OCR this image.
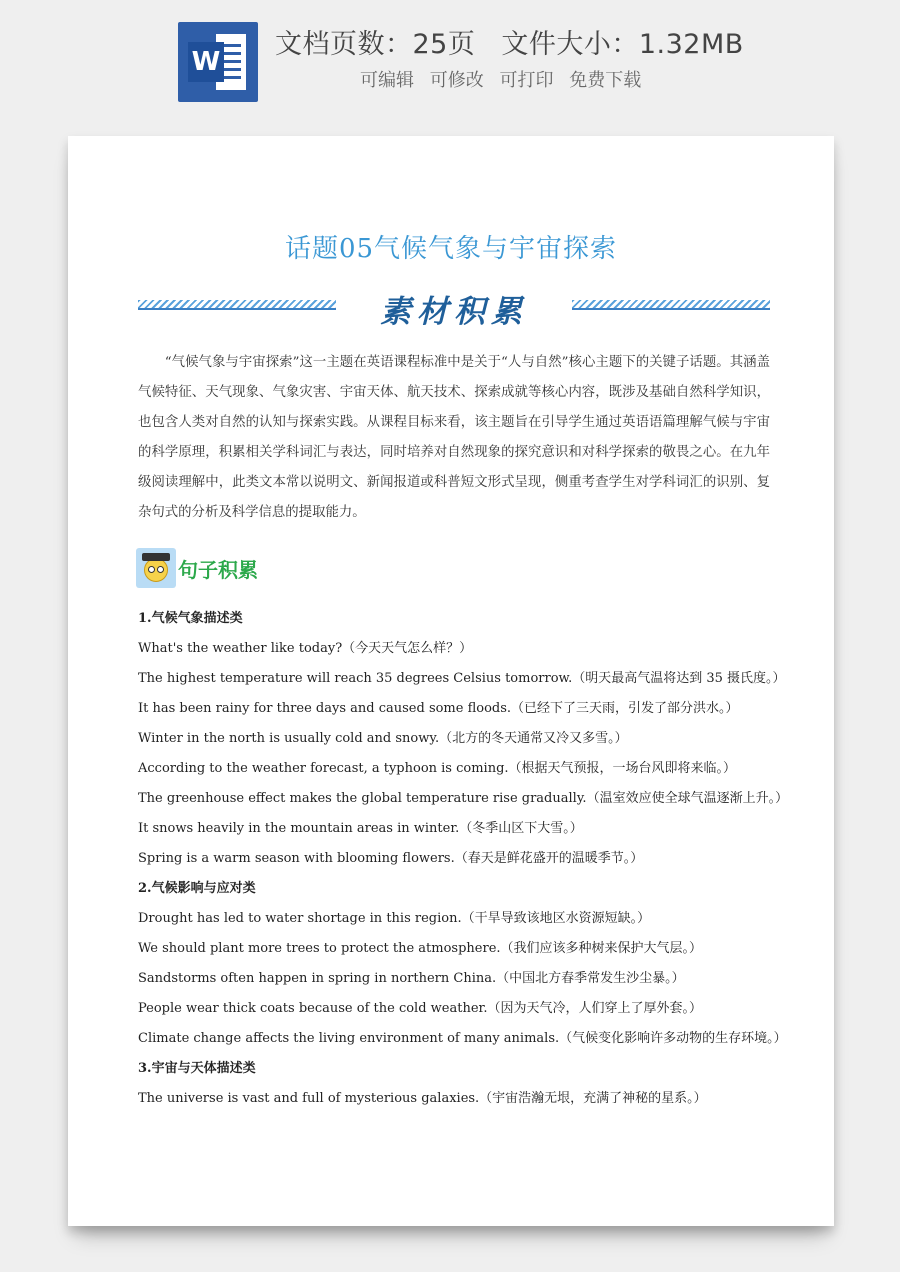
W
文档页数：25页 文件大小：1.32MB
可编辑 可修改 可打印 免费下载
话题05气候气象与宇宙探索
素材积累

“气候气象与宇宙探索”这一主题在英语课程标准中是关于“人与自然”核心主题下的关键子话题。其涵盖气候特征、天气现象、气象灾害、宇宙天体、航天技术、探索成就等核心内容，既涉及基础自然科学知识，也包含人类对自然的认知与探索实践。从课程目标来看，该主题旨在引导学生通过英语语篇理解气候与宇宙的科学原理，积累相关学科词汇与表达，同时培养对自然现象的探究意识和对科学探索的敬畏之心。在九年级阅读理解中，此类文本常以说明文、新闻报道或科普短文形式呈现，侧重考查学生对学科词汇的识别、复杂句式的分析及科学信息的提取能力。

句子积累
1.气候气象描述类
What's the weather like today?（今天天气怎么样？）
The highest temperature will reach 35 degrees Celsius tomorrow.（明天最高气温将达到 35 摄氏度。）
It has been rainy for three days and caused some floods.（已经下了三天雨，引发了部分洪水。）
Winter in the north is usually cold and snowy.（北方的冬天通常又冷又多雪。）
According to the weather forecast, a typhoon is coming.（根据天气预报，一场台风即将来临。）
The greenhouse effect makes the global temperature rise gradually.（温室效应使全球气温逐渐上升。）
It snows heavily in the mountain areas in winter.（冬季山区下大雪。）
Spring is a warm season with blooming flowers.（春天是鲜花盛开的温暖季节。）
2.气候影响与应对类
Drought has led to water shortage in this region.（干旱导致该地区水资源短缺。）
We should plant more trees to protect the atmosphere.（我们应该多种树来保护大气层。）
Sandstorms often happen in spring in northern China.（中国北方春季常发生沙尘暴。）
People wear thick coats because of the cold weather.（因为天气冷，人们穿上了厚外套。）
Climate change affects the living environment of many animals.（气候变化影响许多动物的生存环境。）
3.宇宙与天体描述类
The universe is vast and full of mysterious galaxies.（宇宙浩瀚无垠，充满了神秘的星系。）
